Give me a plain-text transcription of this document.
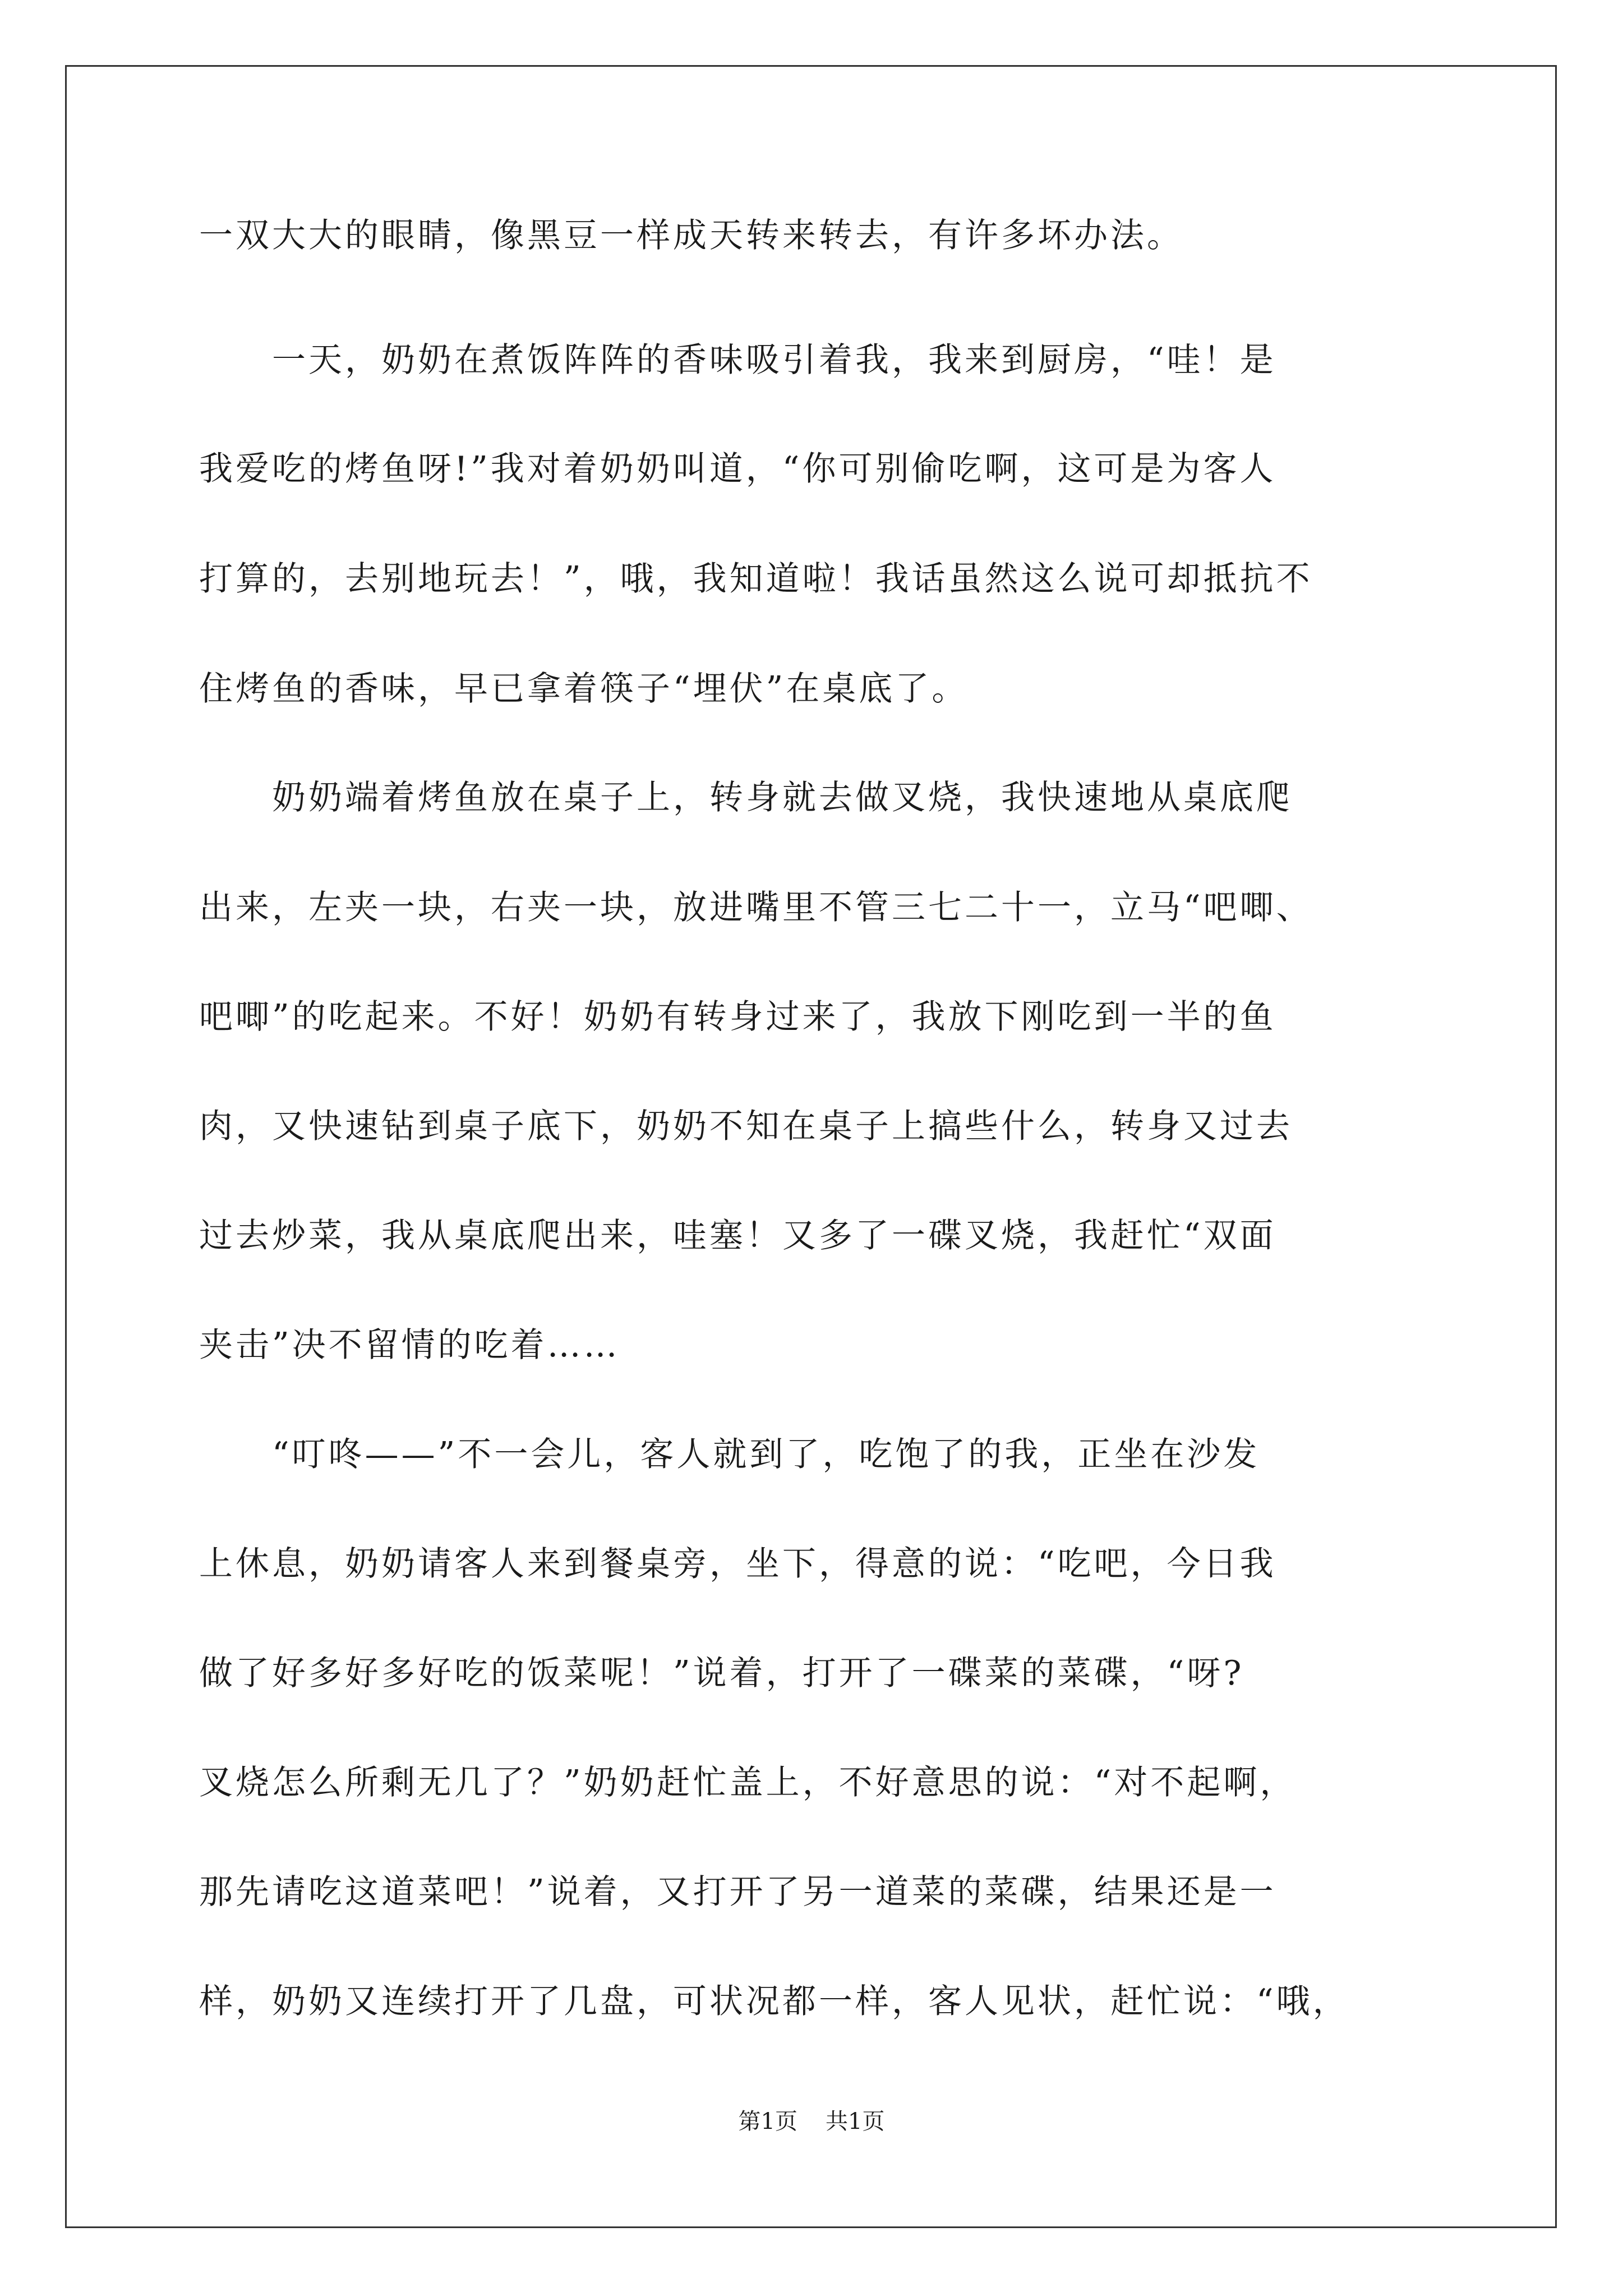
一双大大的眼睛，像黑豆一样成天转来转去，有许多坏办法。
　　一天，奶奶在煮饭阵阵的香味吸引着我，我来到厨房，“哇！是
我爱吃的烤鱼呀!”我对着奶奶叫道，“你可别偷吃啊，这可是为客人
打算的，去别地玩去！”，哦，我知道啦！我话虽然这么说可却抵抗不
住烤鱼的香味，早已拿着筷子“埋伏”在桌底了。
　　奶奶端着烤鱼放在桌子上，转身就去做叉烧，我快速地从桌底爬
出来，左夹一块，右夹一块，放进嘴里不管三七二十一，立马“吧唧、
吧唧”的吃起来。不好！奶奶有转身过来了，我放下刚吃到一半的鱼
肉，又快速钻到桌子底下，奶奶不知在桌子上搞些什么，转身又过去
过去炒菜，我从桌底爬出来，哇塞！又多了一碟叉烧，我赶忙“双面
夹击”决不留情的吃着……
　　“叮咚——”不一会儿，客人就到了，吃饱了的我，正坐在沙发
上休息，奶奶请客人来到餐桌旁，坐下，得意的说：“吃吧，今日我
做了好多好多好吃的饭菜呢！”说着，打开了一碟菜的菜碟，“呀?
叉烧怎么所剩无几了？”奶奶赶忙盖上，不好意思的说：“对不起啊，
那先请吃这道菜吧！”说着，又打开了另一道菜的菜碟，结果还是一
样，奶奶又连续打开了几盘，可状况都一样，客人见状，赶忙说：“哦，
第1页 共1页
